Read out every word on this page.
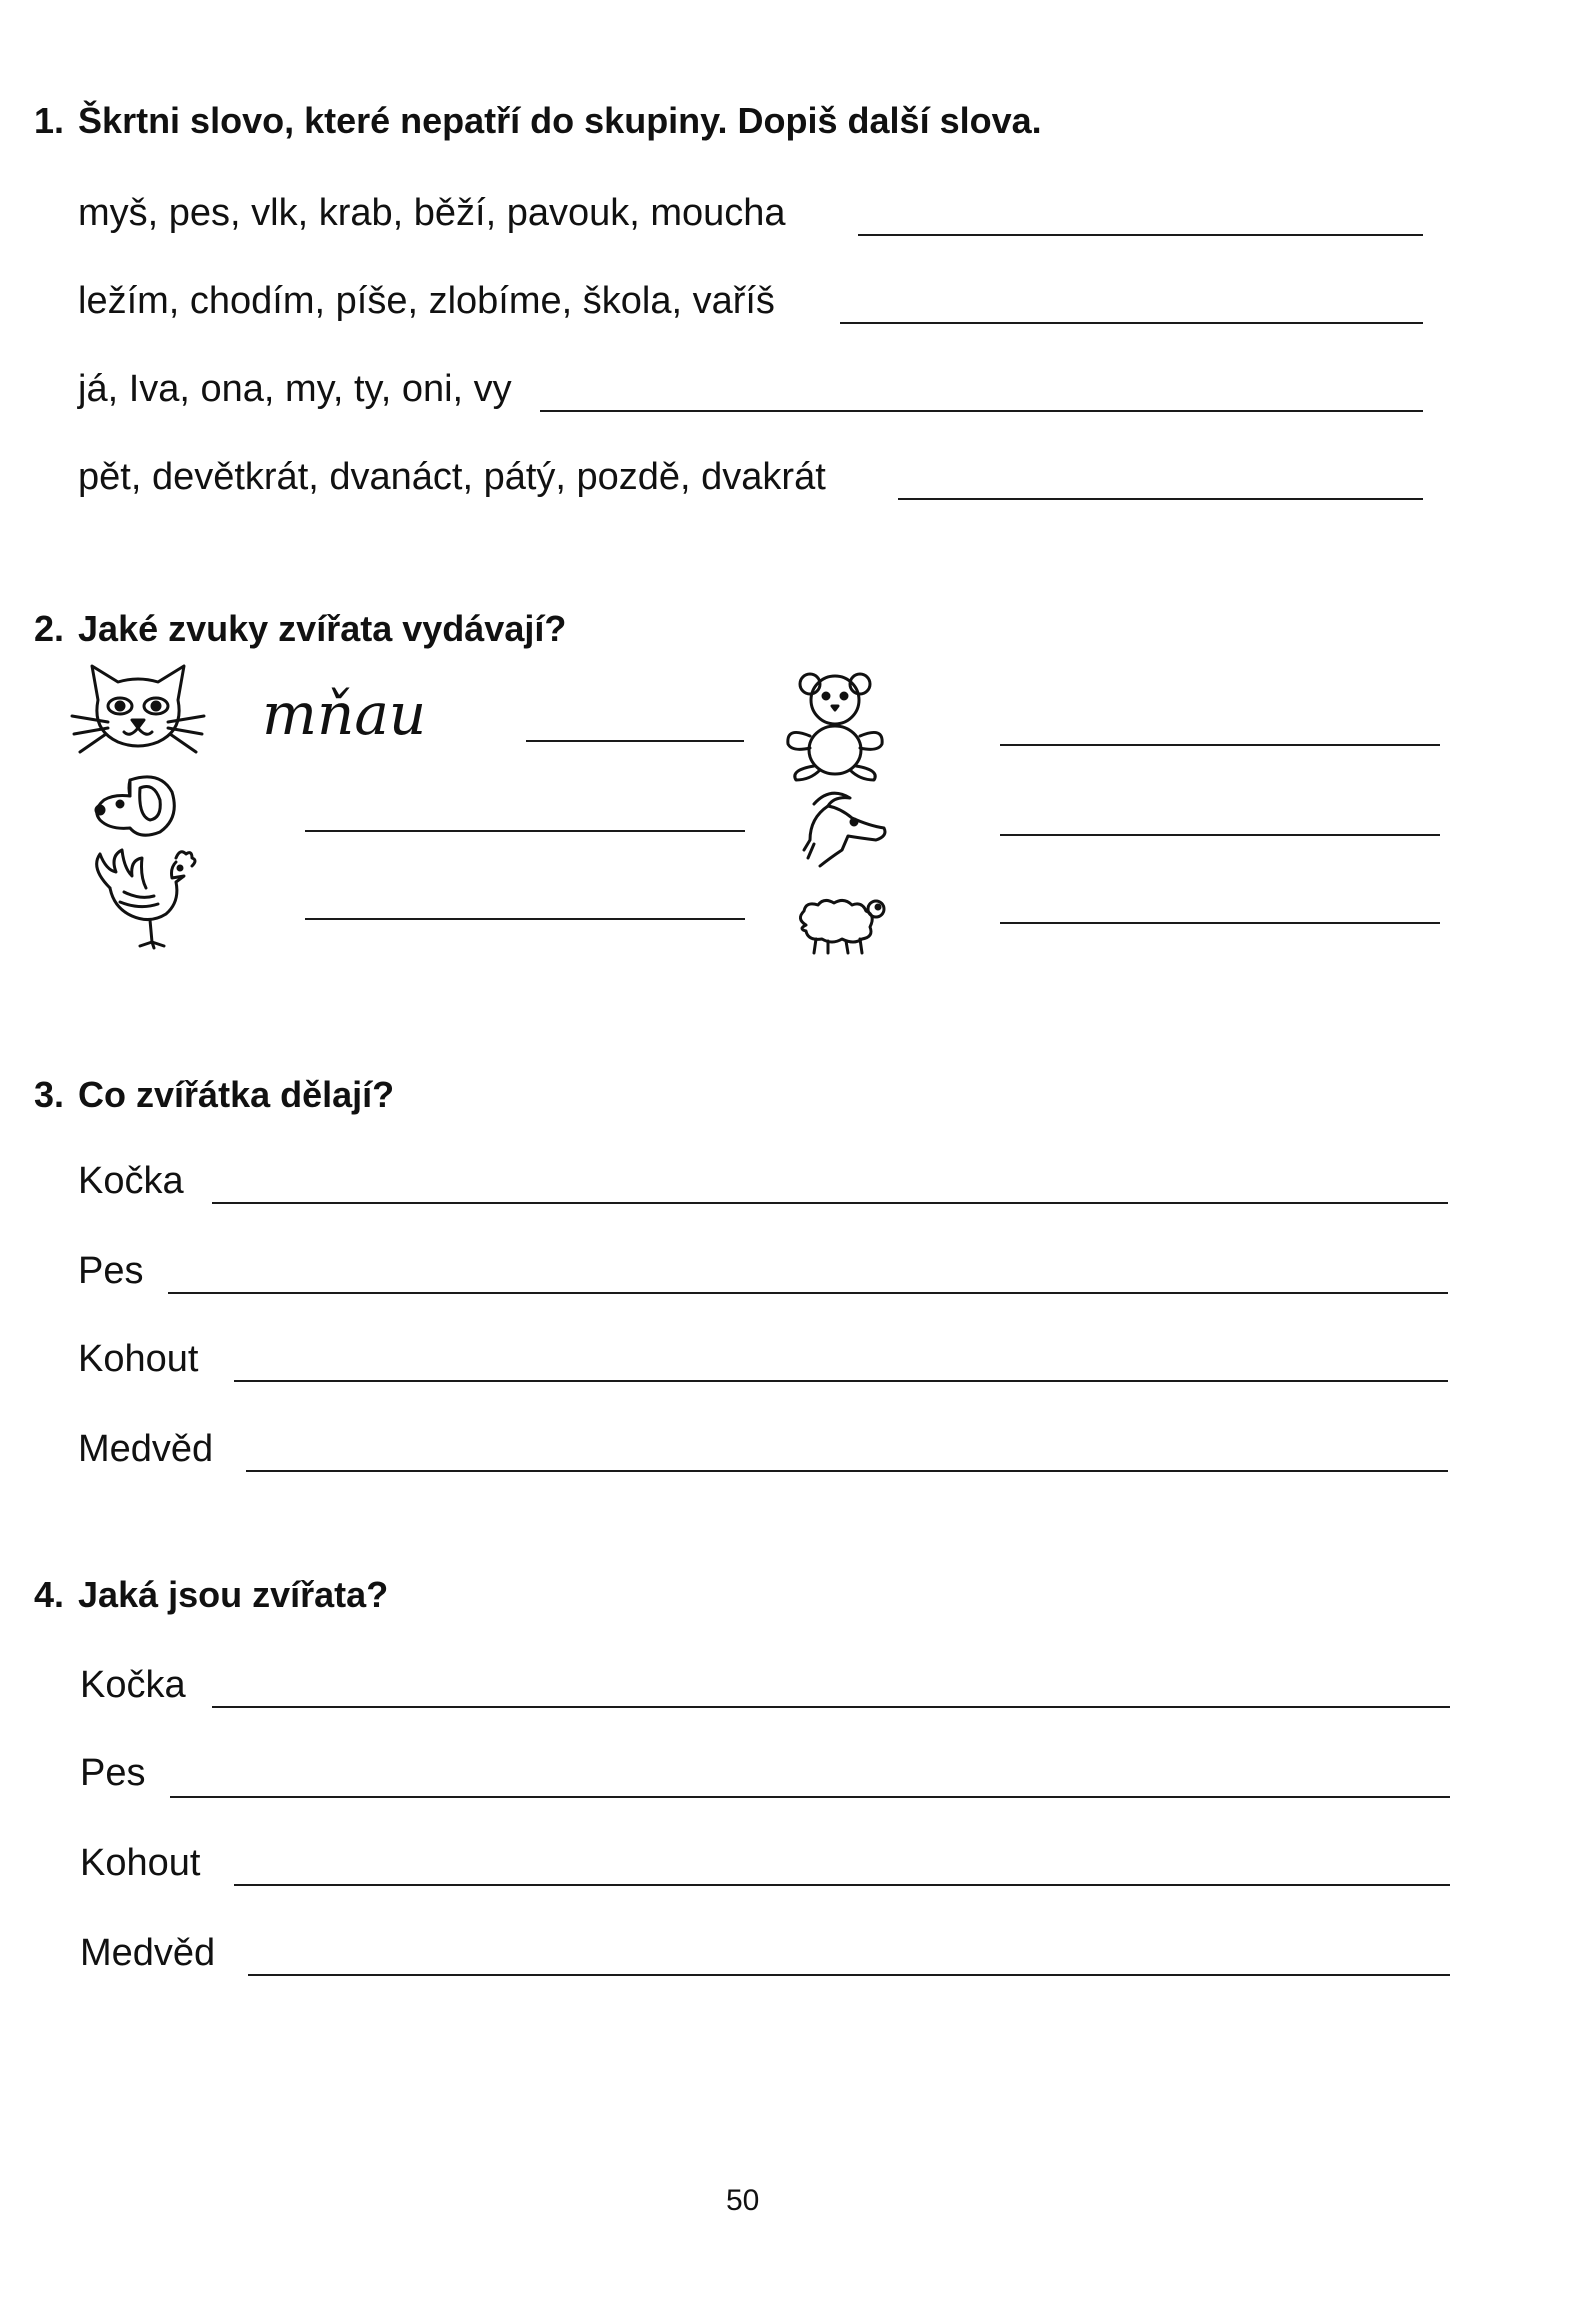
1. Škrtni slovo, které nepatří do skupiny. Dopiš další slova.
myš, pes, vlk, krab, běží, pavouk, moucha
ležím, chodím, píše, zlobíme, škola, vaříš
já, Iva, ona, my, ty, oni, vy
pět, devětkrát, dvanáct, pátý, pozdě, dvakrát
2. Jaké zvuky zvířata vydávají?
mňau
3. Co zvířátka dělají?
Kočka
Pes
Kohout
Medvěd
4. Jaká jsou zvířata?
Kočka
Pes
Kohout
Medvěd
50
